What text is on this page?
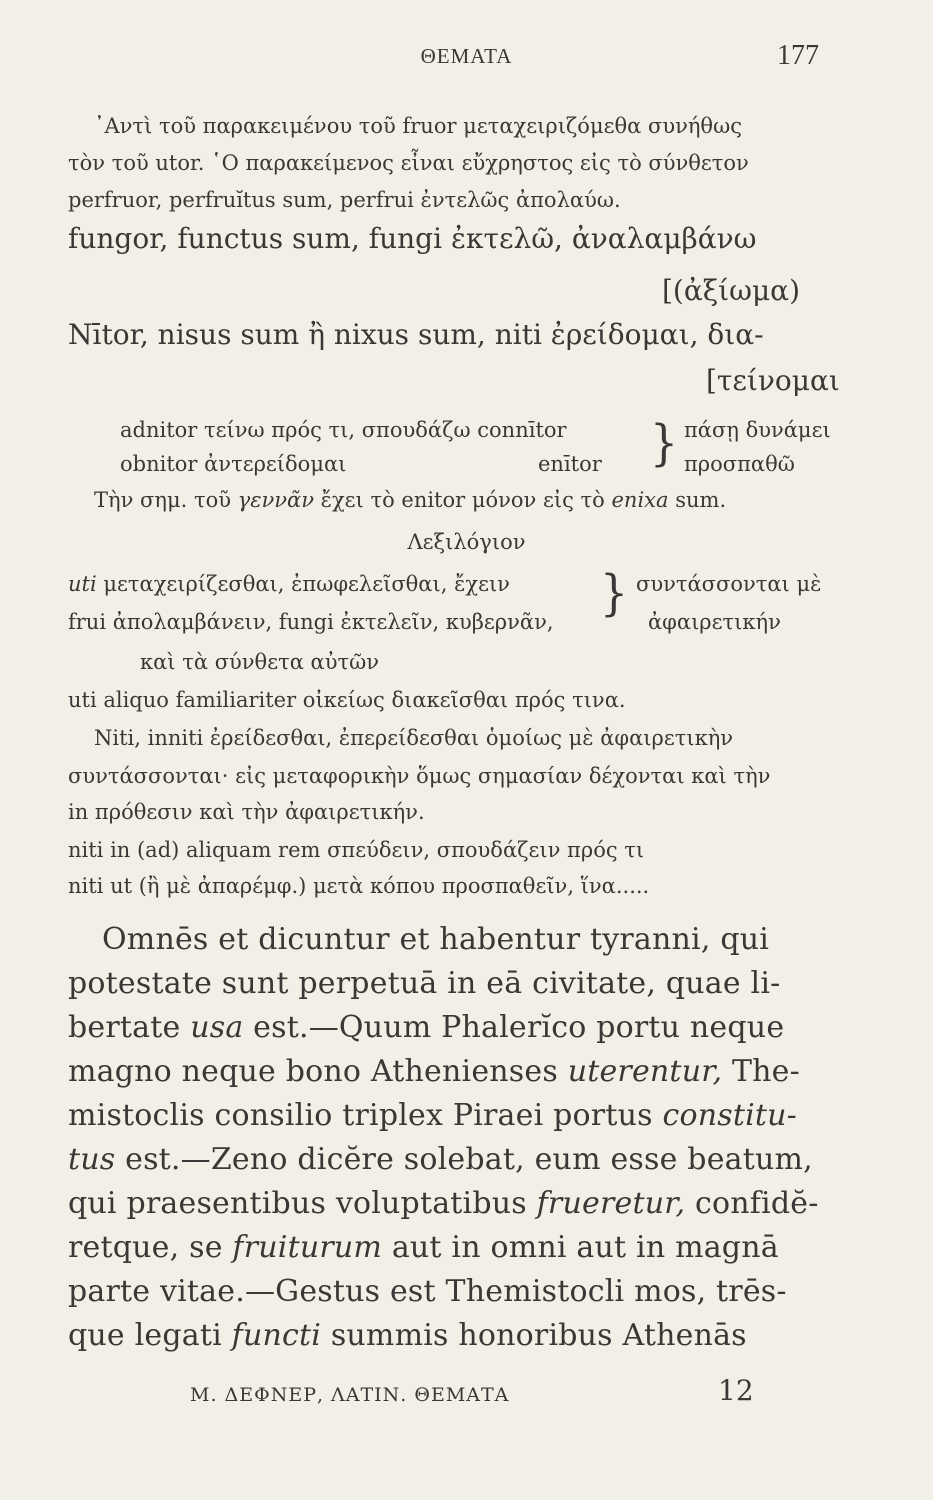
ΘΕΜΑΤΑ	177
᾽Αντὶ τοῦ παρακειμένου τοῦ fruor μεταχειριζόμεθα συνήθως
τὸν τοῦ utor. ῾Ο παρακείμενος εἶναι εὔχρηστος εἰς τὸ σύνθετον
perfruor, perfruĭtus sum, perfrui ἐντελῶς ἀπολαύω.
fungor, functus sum, fungi ἐκτελῶ, ἀναλαμβάνω
[(ἀξίωμα)
Nītor, nisus sum ἢ nixus sum, niti ἐρείδομαι, δια-
[τείνομαι
adnitor τείνω πρός τι, σπουδάζω connītor } πάσῃ δυνάμει
obnitor ἀντερείδομαι	enītor	προσπαθῶ
Τὴν σημ. τοῦ γεννᾶν ἔχει τὸ enitor μόνον εἰς τὸ enixa sum.
Λεξιλόγιον
uti μεταχειρίζεσθαι, ἐπωφελεῖσθαι, ἔχειν } συντάσσονται μὲ
frui ἀπολαμβάνειν, fungi ἐκτελεῖν, κυβερνᾶν,	ἀφαιρετικήν
καὶ τὰ σύνθετα αὐτῶν
uti aliquo familiariter οἰκείως διακεῖσθαι πρός τινα.
Niti, inniti ἐρείδεσθαι, ἐπερείδεσθαι ὁμοίως μὲ ἀφαιρετικὴν
συντάσσονται· εἰς μεταφορικὴν ὅμως σημασίαν δέχονται καὶ τὴν
in πρόθεσιν καὶ τὴν ἀφαιρετικήν.
niti in (ad) aliquam rem σπεύδειν, σπουδάζειν πρός τι
niti ut (ἢ μὲ ἀπαρέμφ.) μετὰ κόπου προσπαθεῖν, ἵνα.....
Omnēs et dicuntur et habentur tyranni, qui
potestate sunt perpetuā in eā civitate, quae li-
bertate usa est.—Quum Phalerĭco portu neque
magno neque bono Athenienses uterentur, The-
mistoclis consilio triplex Piraei portus constitu-
tus est.—Zeno dicĕre solebat, eum esse beatum,
qui praesentibus voluptatibus frueretur, confidĕ-
retque, se fruiturum aut in omni aut in magnā
parte vitae.—Gestus est Themistocli mos, trēs-
que legati functi summis honoribus Athenās
Μ. ΔΕΦΝΕΡ, ΛΑΤΙΝ. ΘΕΜΑΤΑ	12
